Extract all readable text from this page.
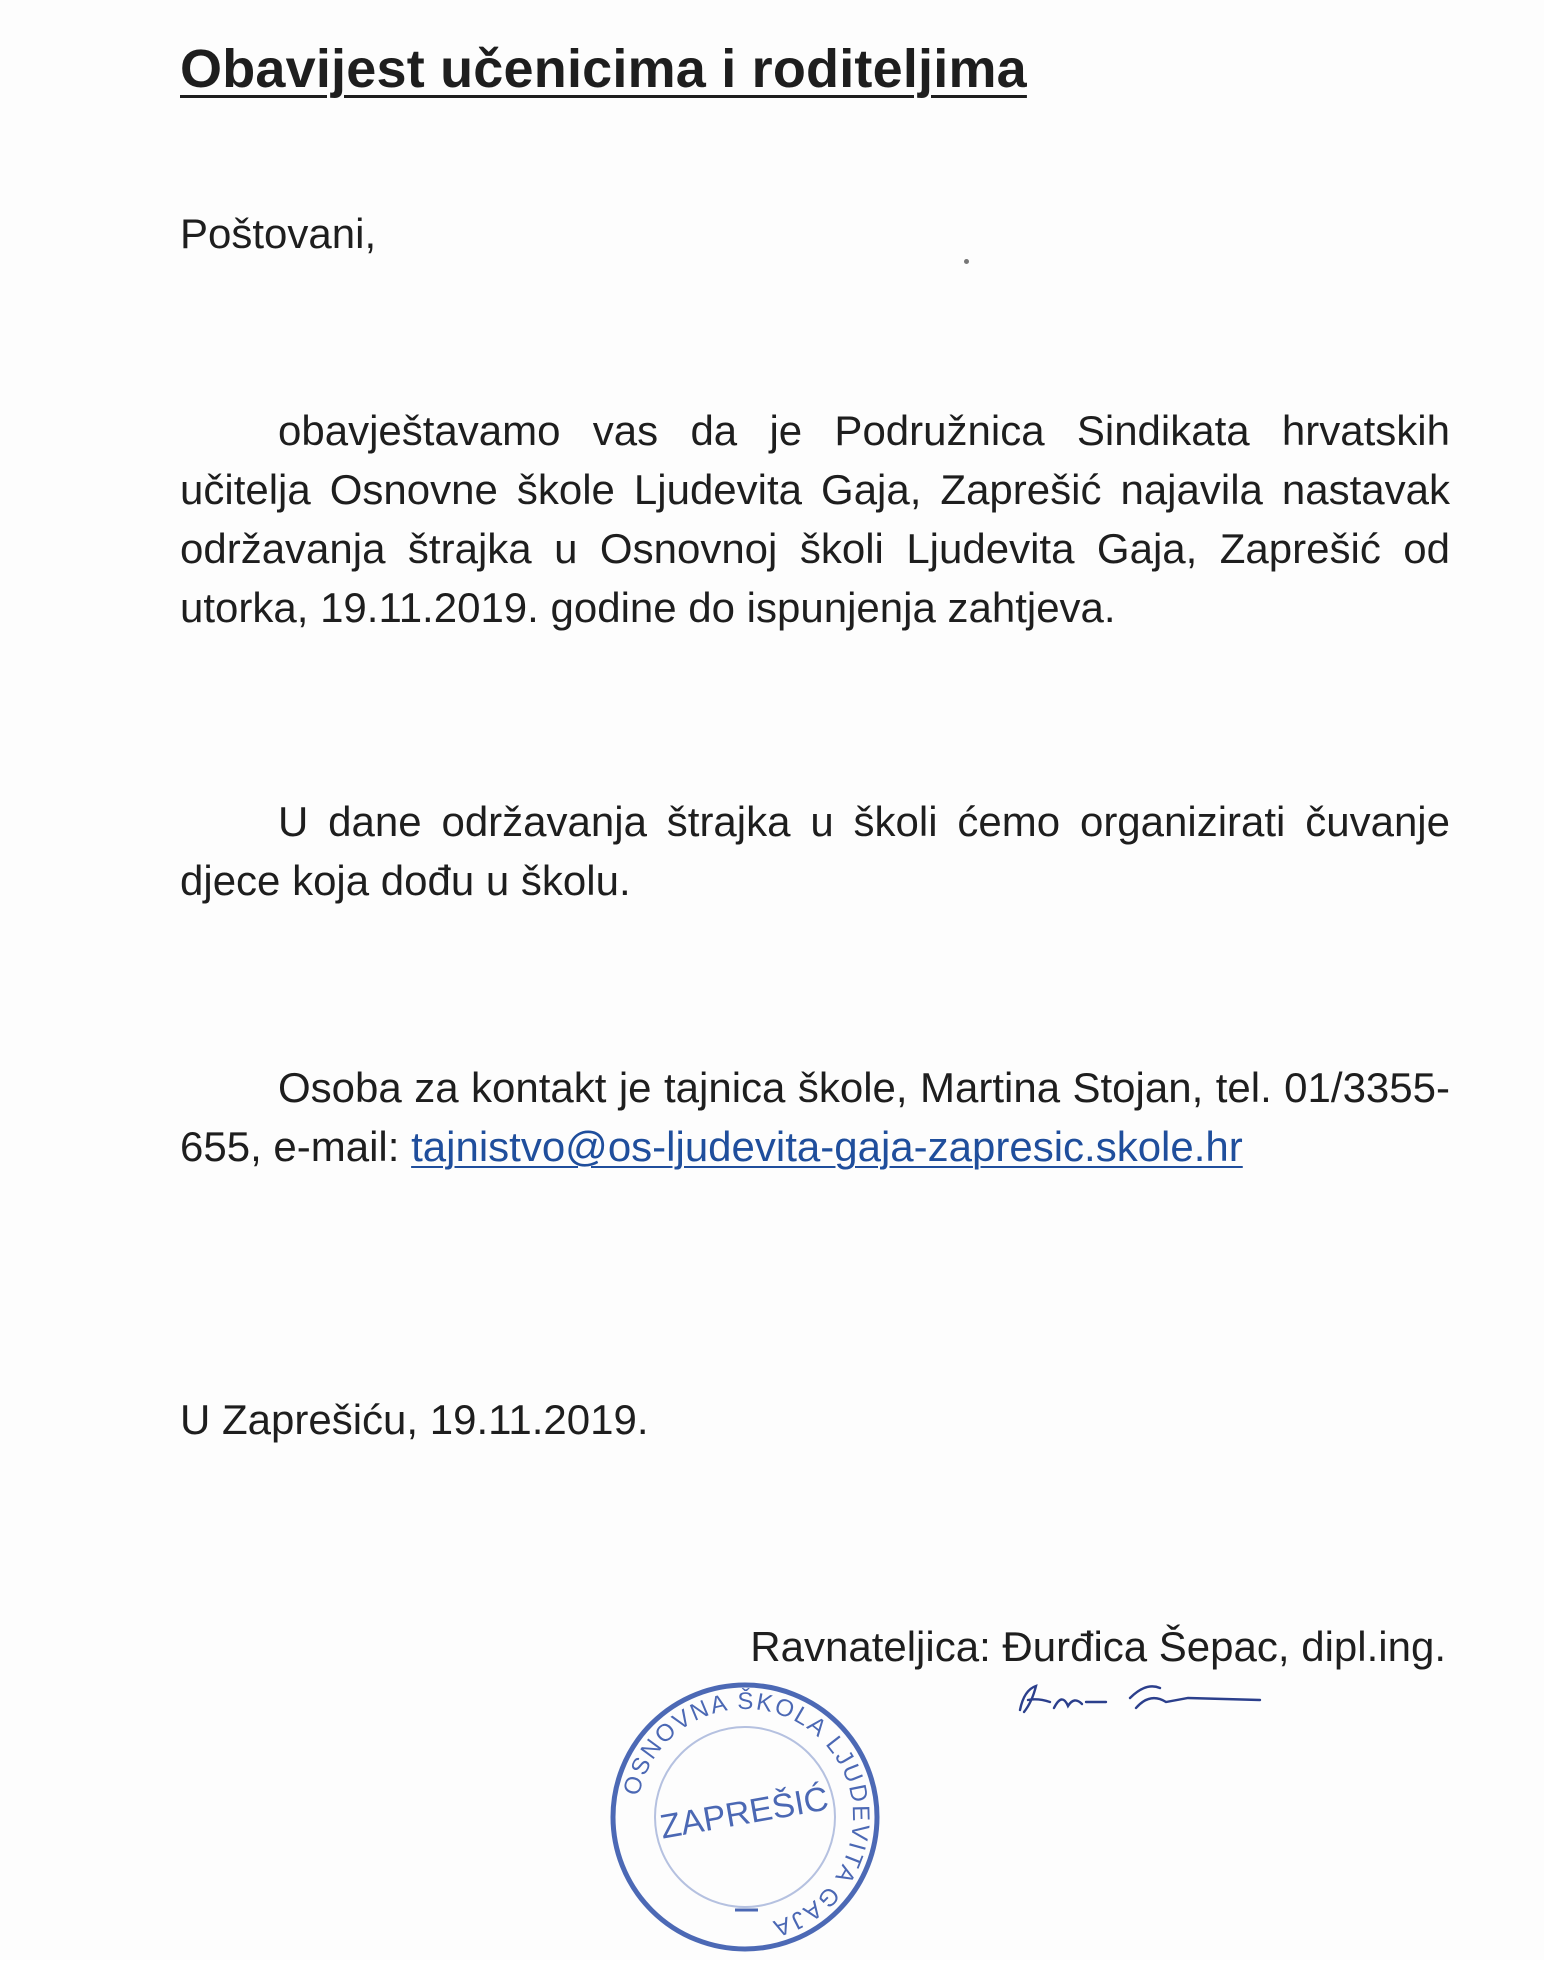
Obavijest učenicima i roditeljima

Poštovani,

obavještavamo vas da je Podružnica Sindikata hrvatskih učitelja Osnovne škole Ljudevita Gaja, Zaprešić najavila nastavak održavanja štrajka u Osnovnoj školi Ljudevita Gaja, Zaprešić od utorka, 19.11.2019. godine do ispunjenja zahtjeva.

U dane održavanja štrajka u školi ćemo organizirati čuvanje djece koja dođu u školu.

Osoba za kontakt je tajnica škole, Martina Stojan, tel. 01/3355-655, e-mail: tajnistvo@os-ljudevita-gaja-zapresic.skole.hr

U Zaprešiću, 19.11.2019.

Ravnateljica: Đurđica Šepac, dipl.ing.

OSNOVNA ŠKOLA LJUDEVITA GAJA
ZAPREŠIĆ
